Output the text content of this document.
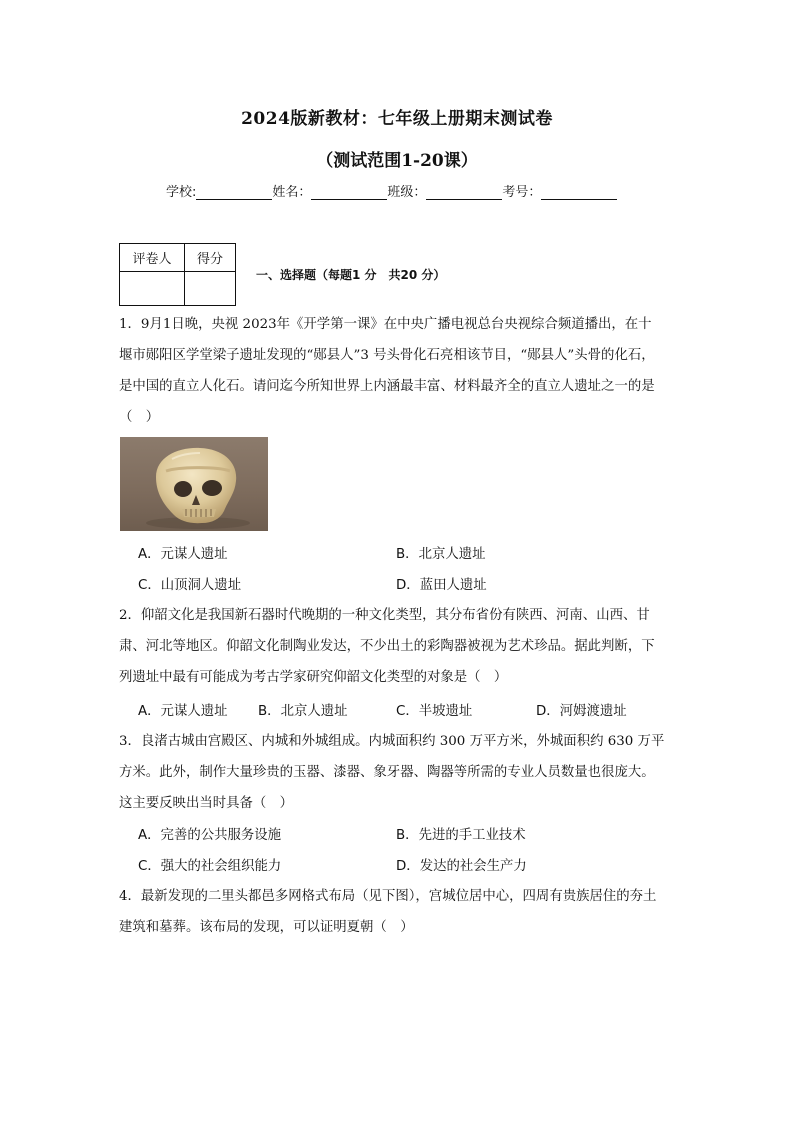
2024版新教材：七年级上册期末测试卷
（测试范围1-20课）
学校:	姓名：	班级：	考号：
评卷人	得分

一、选择题（每题1 分　共20 分）
1．9月1日晚，央视 2023年《开学第一课》在中央广播电视总台央视综合频道播出，在十
堰市郧阳区学堂梁子遗址发现的“郧县人”3 号头骨化石亮相该节目，“郧县人”头骨的化石，
是中国的直立人化石。请问迄今所知世界上内涵最丰富、材料最齐全的直立人遗址之一的是
（　）
A．元谋人遗址	B．北京人遗址
C．山顶洞人遗址	D．蓝田人遗址
2．仰韶文化是我国新石器时代晚期的一种文化类型，其分布省份有陕西、河南、山西、甘
肃、河北等地区。仰韶文化制陶业发达，不少出土的彩陶器被视为艺术珍品。据此判断，下
列遗址中最有可能成为考古学家研究仰韶文化类型的对象是（　）
A．元谋人遗址 B．北京人遗址	C．半坡遗址	D．河姆渡遗址
3．良渚古城由宫殿区、内城和外城组成。内城面积约 300 万平方米，外城面积约 630 万平
方米。此外，制作大量珍贵的玉器、漆器、象牙器、陶器等所需的专业人员数量也很庞大。
这主要反映出当时具备（　）
A．完善的公共服务设施	B．先进的手工业技术
C．强大的社会组织能力	D．发达的社会生产力
4．最新发现的二里头都邑多网格式布局（见下图），宫城位居中心，四周有贵族居住的夯土
建筑和墓葬。该布局的发现，可以证明夏朝（　）
